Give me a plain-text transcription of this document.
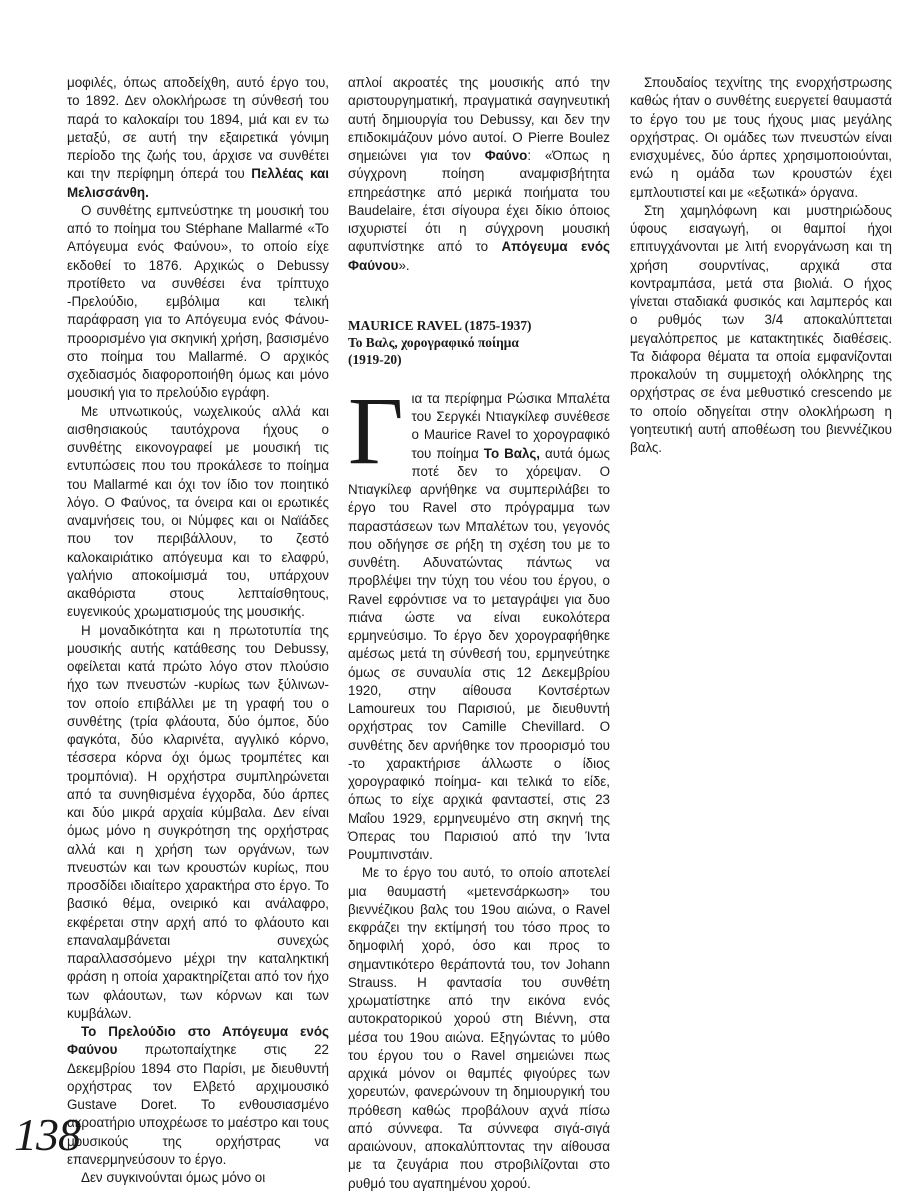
μοφιλές, όπως αποδείχθη, αυτό έργο του, το 1892. Δεν ολοκλήρωσε τη σύνθεσή του παρά το καλοκαίρι του 1894, μιά και εν τω μεταξύ, σε αυτή την εξαιρετικά γόνιμη περίοδο της ζωής του, άρχισε να συνθέτει και την περίφημη όπερά του Πελλέας και Μελισσάνθη.

Ο συνθέτης εμπνεύστηκε τη μουσική του από το ποίημα του Stéphane Mallarmé «Το Απόγευμα ενός Φαύνου», το οποίο είχε εκδοθεί το 1876. Αρχικώς ο Debussy προτίθετο να συνθέσει ένα τρίπτυχο -Πρελούδιο, εμβόλιμα και τελική παράφραση για το Απόγευμα ενός Φάνου- προορισμένο για σκηνική χρήση, βασισμένο στο ποίημα του Mallarmé. Ο αρχικός σχεδιασμός διαφοροποιήθη όμως και μόνο μουσική για το πρελούδιο εγράφη.

Με υπνωτικούς, νωχελικούς αλλά και αισθησιακούς ταυτόχρονα ήχους ο συνθέτης εικονογραφεί με μουσική τις εντυπώσεις που του προκάλεσε το ποίημα του Mallarmé και όχι τον ίδιο τον ποιητικό λόγο. Ο Φαύνος, τα όνειρα και οι ερωτικές αναμνήσεις του, οι Νύμφες και οι Ναϊάδες που τον περιβάλλουν, το ζεστό καλοκαιριάτικο απόγευμα και το ελαφρύ, γαλήνιο αποκοίμισμά του, υπάρχουν ακαθόριστα στους λεπταίσθητους, ευγενικούς χρωματισμούς της μουσικής.

Η μοναδικότητα και η πρωτοτυπία της μουσικής αυτής κατάθεσης του Debussy, οφείλεται κατά πρώτο λόγο στον πλούσιο ήχο των πνευστών -κυρίως των ξύλινων- τον οποίο επιβάλλει με τη γραφή του ο συνθέτης (τρία φλάουτα, δύο όμποε, δύο φαγκότα, δύο κλαρινέτα, αγγλικό κόρνο, τέσσερα κόρνα όχι όμως τρομπέτες και τρομπόνια). Η ορχήστρα συμπληρώνεται από τα συνηθισμένα έγχορδα, δύο άρπες και δύο μικρά αρχαία κύμβαλα. Δεν είναι όμως μόνο η συγκρότηση της ορχήστρας αλλά και η χρήση των οργάνων, των πνευστών και των κρουστών κυρίως, που προσδίδει ιδιαίτερο χαρακτήρα στο έργο. Το βασικό θέμα, ονειρικό και ανάλαφρο, εκφέρεται στην αρχή από το φλάουτο και επαναλαμβάνεται συνεχώς παραλλασσόμενο μέχρι την καταληκτική φράση η οποία χαρακτηρίζεται από τον ήχο των φλάουτων, των κόρνων και των κυμβάλων.

Το Πρελούδιο στο Απόγευμα ενός Φαύνου πρωτοπαίχτηκε στις 22 Δεκεμβρίου 1894 στο Παρίσι, με διευθυντή ορχήστρας τον Ελβετό αρχιμουσικό Gustave Doret. Το ενθουσιασμένο ακροατήριο υποχρέωσε το μαέστρο και τους μουσικούς της ορχήστρας να επανερμηνεύσουν το έργο.

Δεν συγκινούνται όμως μόνο οι

απλοί ακροατές της μουσικής από την αριστουργηματική, πραγματικά σαγηνευτική αυτή δημιουργία του Debussy, και δεν την επιδοκιμάζουν μόνο αυτοί. Ο Pierre Boulez σημειώνει για τον Φαύνο: «Όπως η σύγχρονη ποίηση αναμφισβήτητα επηρεάστηκε από μερικά ποιήματα του Baudelaire, έτσι σίγουρα έχει δίκιο όποιος ισχυριστεί ότι η σύγχρονη μουσική αφυπνίστηκε από το Απόγευμα ενός Φαύνου».

MAURICE RAVEL (1875-1937)
Το Βαλς, χορογραφικό ποίημα
(1919-20)

Για τα περίφημα Ρώσικα Μπαλέτα του Σεργκέι Ντιαγκίλεφ συνέθεσε ο Maurice Ravel το χορογραφικό του ποίημα Το Βαλς, αυτά όμως ποτέ δεν το χόρεψαν. Ο Ντιαγκίλεφ αρνήθηκε να συμπεριλάβει το έργο του Ravel στο πρόγραμμα των παραστάσεων των Μπαλέτων του, γεγονός που οδήγησε σε ρήξη τη σχέση του με το συνθέτη. Αδυνατώντας πάντως να προβλέψει την τύχη του νέου του έργου, ο Ravel εφρόντισε να το μεταγράψει για δυο πιάνα ώστε να είναι ευκολότερα ερμηνεύσιμο. Το έργο δεν χορογραφήθηκε αμέσως μετά τη σύνθεσή του, ερμηνεύτηκε όμως σε συναυλία στις 12 Δεκεμβρίου 1920, στην αίθουσα Κοντσέρτων Lamoureux του Παρισιού, με διευθυντή ορχήστρας τον Camille Chevillard. Ο συνθέτης δεν αρνήθηκε τον προορισμό του -το χαρακτήρισε άλλωστε ο ίδιος χορογραφικό ποίημα- και τελικά το είδε, όπως το είχε αρχικά φανταστεί, στις 23 Μαΐου 1929, ερμηνευμένο στη σκηνή της Όπερας του Παρισιού από την Ίντα Ρουμπινστάιν.

Με το έργο του αυτό, το οποίο αποτελεί μια θαυμαστή «μετενσάρκωση» του βιεννέζικου βαλς του 19ου αιώνα, ο Ravel εκφράζει την εκτίμησή του τόσο προς το δημοφιλή χορό, όσο και προς το σημαντικότερο θεράποντά του, τον Johann Strauss. Η φαντασία του συνθέτη χρωματίστηκε από την εικόνα ενός αυτοκρατορικού χορού στη Βιέννη, στα μέσα του 19ου αιώνα. Εξηγώντας το μύθο του έργου του ο Ravel σημειώνει πως αρχικά μόνον οι θαμπές φιγούρες των χορευτών, φανερώνουν τη δημιουργική του πρόθεση καθώς προβάλουν αχνά πίσω από σύννεφα. Τα σύννεφα σιγά-σιγά αραιώνουν, αποκαλύπτοντας την αίθουσα με τα ζευγάρια που στροβιλίζονται στο ρυθμό του αγαπημένου χορού.

Σπουδαίος τεχνίτης της ενορχήστρωσης καθώς ήταν ο συνθέτης ευεργετεί θαυμαστά το έργο του με τους ήχους μιας μεγάλης ορχήστρας. Οι ομάδες των πνευστών είναι ενισχυμένες, δύο άρπες χρησιμοποιούνται, ενώ η ομάδα των κρουστών έχει εμπλουτιστεί και με «εξωτικά» όργανα.

Στη χαμηλόφωνη και μυστηριώδους ύφους εισαγωγή, οι θαμποί ήχοι επιτυγχάνονται με λιτή ενοργάνωση και τη χρήση σουρντίνας, αρχικά στα κοντραμπάσα, μετά στα βιολιά. Ο ήχος γίνεται σταδιακά φυσικός και λαμπερός και ο ρυθμός των 3/4 αποκαλύπτεται μεγαλόπρεπος με κατακτητικές διαθέσεις. Τα διάφορα θέματα τα οποία εμφανίζονται προκαλούν τη συμμετοχή ολόκληρης της ορχήστρας σε ένα μεθυστικό crescendo με το οποίο οδηγείται στην ολοκλήρωση η γοητευτική αυτή αποθέωση του βιεννέζικου βαλς.

138
